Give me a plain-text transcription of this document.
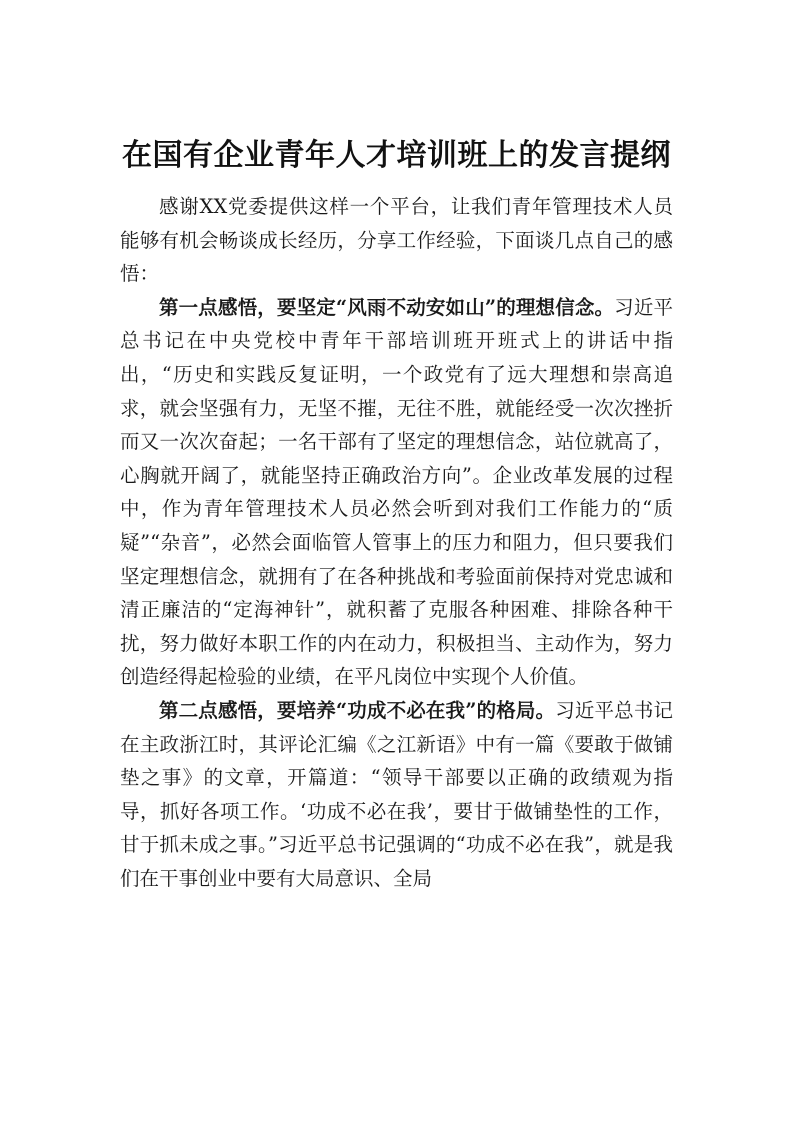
在国有企业青年人才培训班上的发言提纲

感谢XX党委提供这样一个平台，让我们青年管理技术人员能够有机会畅谈成长经历，分享工作经验，下面谈几点自己的感悟：

第一点感悟，要坚定“风雨不动安如山”的理想信念。习近平总书记在中央党校中青年干部培训班开班式上的讲话中指出，“历史和实践反复证明，一个政党有了远大理想和崇高追求，就会坚强有力，无坚不摧，无往不胜，就能经受一次次挫折而又一次次奋起；一名干部有了坚定的理想信念，站位就高了，心胸就开阔了，就能坚持正确政治方向”。企业改革发展的过程中，作为青年管理技术人员必然会听到对我们工作能力的“质疑”“杂音”，必然会面临管人管事上的压力和阻力，但只要我们坚定理想信念，就拥有了在各种挑战和考验面前保持对党忠诚和清正廉洁的“定海神针”，就积蓄了克服各种困难、排除各种干扰，努力做好本职工作的内在动力，积极担当、主动作为，努力创造经得起检验的业绩，在平凡岗位中实现个人价值。

第二点感悟，要培养“功成不必在我”的格局。习近平总书记在主政浙江时，其评论汇编《之江新语》中有一篇《要敢于做铺垫之事》的文章，开篇道：“领导干部要以正确的政绩观为指导，抓好各项工作。‘功成不必在我’，要甘于做铺垫性的工作，甘于抓未成之事。”习近平总书记强调的“功成不必在我”，就是我们在干事创业中要有大局意识、全局
